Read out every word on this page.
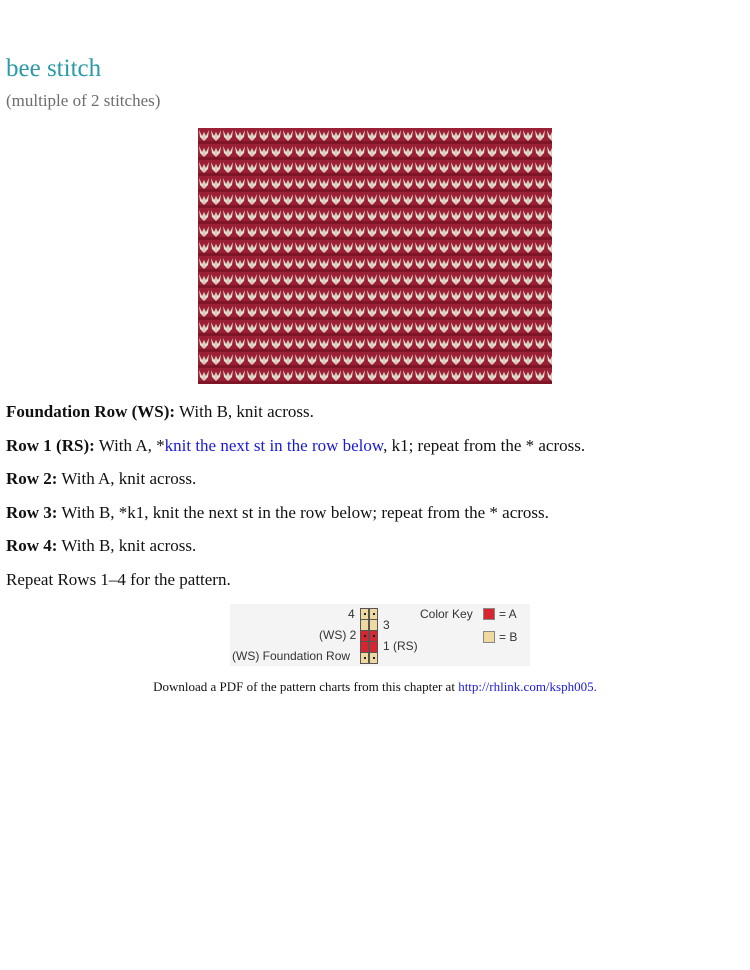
bee stitch
(multiple of 2 stitches)
Foundation Row (WS): With B, knit across.
Row 1 (RS): With A, *knit the next st in the row below, k1; repeat from the * across.
Row 2: With A, knit across.
Row 3: With B, *k1, knit the next st in the row below; repeat from the * across.
Row 4: With B, knit across.
Repeat Rows 1–4 for the pattern.
4
3
(WS) 2
1 (RS)
(WS) Foundation Row
Color Key = A
= B
Download a PDF of the pattern charts from this chapter at http://rhlink.com/ksph005.
